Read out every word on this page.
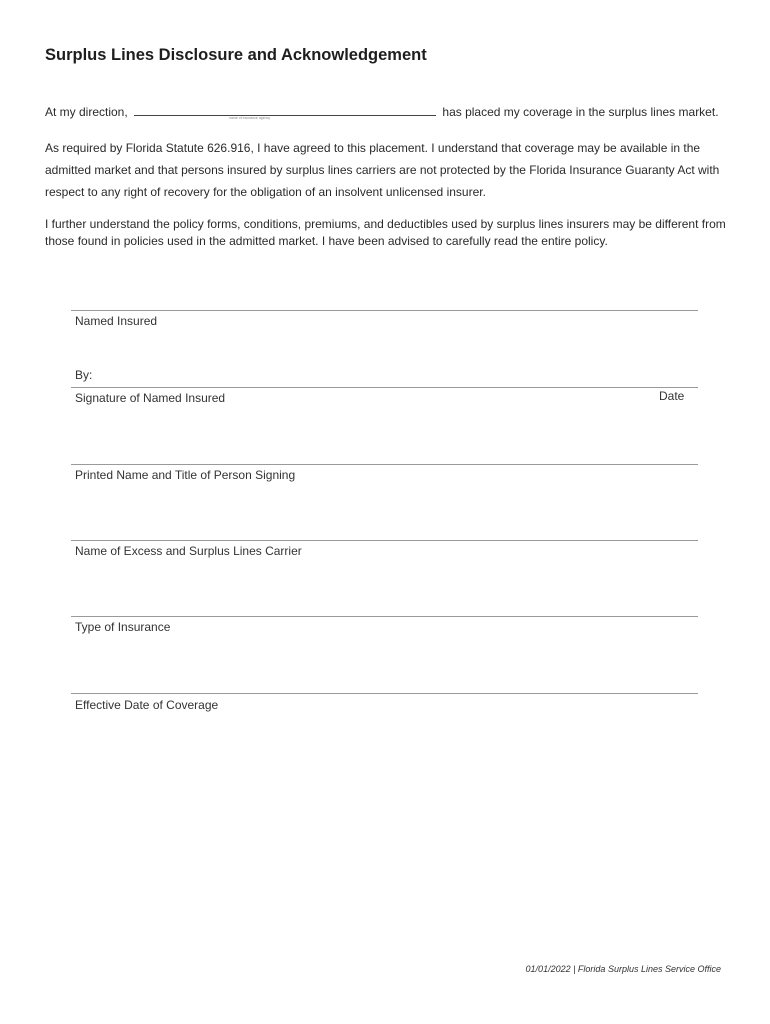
Surplus Lines Disclosure and Acknowledgement
At my direction,	name of insurance agency	has placed my coverage in the surplus lines market.

As required by Florida Statute 626.916, I have agreed to this placement. I understand that coverage may be available in the admitted market and that persons insured by surplus lines carriers are not protected by the Florida Insurance Guaranty Act with respect to any right of recovery for the obligation of an insolvent unlicensed insurer.

I further understand the policy forms, conditions, premiums, and deductibles used by surplus lines insurers may be different from those found in policies used in the admitted market. I have been advised to carefully read the entire policy.

Named Insured
By:
Signature of Named Insured	Date
Printed Name and Title of Person Signing
Name of Excess and Surplus Lines Carrier
Type of Insurance
Effective Date of Coverage
01/01/2022 | Florida Surplus Lines Service Office
